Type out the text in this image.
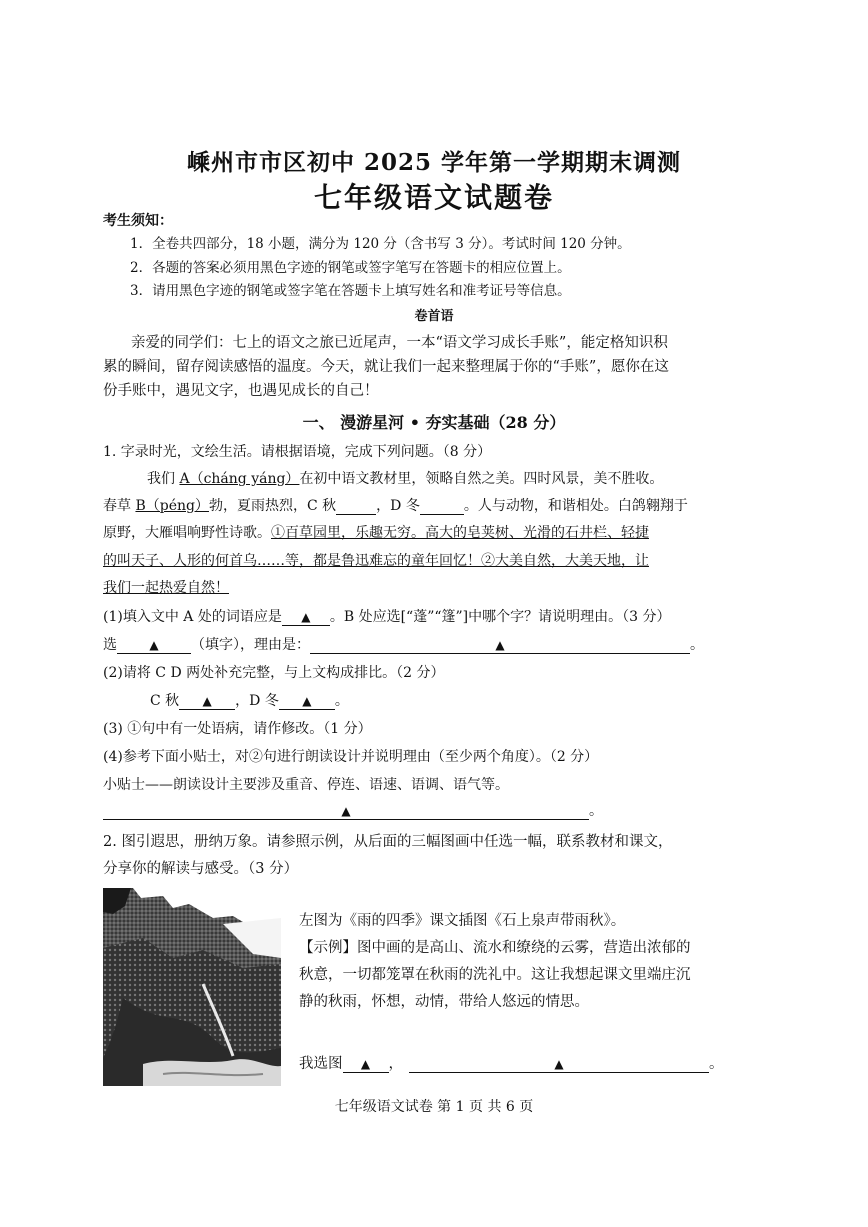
嵊州市市区初中 2025 学年第一学期期末调测
七年级语文试题卷
考生须知：
1．全卷共四部分，18 小题，满分为 120 分（含书写 3 分）。考试时间 120 分钟。
2．各题的答案必须用黑色字迹的钢笔或签字笔写在答题卡的相应位置上。
3．请用黑色字迹的钢笔或签字笔在答题卡上填写姓名和准考证号等信息。
卷首语
亲爱的同学们：七上的语文之旅已近尾声，一本“语文学习成长手账”，能定格知识积
累的瞬间，留存阅读感悟的温度。今天，就让我们一起来整理属于你的“手账”，愿你在这
份手账中，遇见文字，也遇见成长的自己！
一、 漫游星河 • 夯实基础（28 分）
1. 字录时光，文绘生活。请根据语境，完成下列问题。（8 分）
我们 A（cháng yáng）在初中语文教材里，领略自然之美。四时风景，美不胜收。
春草 B（péng）勃，夏雨热烈，C 秋	，D 冬	。人与动物，和谐相处。白鸽翱翔于
原野，大雁唱响野性诗歌。①百草园里，乐趣无穷。高大的皂荚树、光滑的石井栏、轻捷
的叫天子、人形的何首乌……等，都是鲁迅难忘的童年回忆！②大美自然，大美天地，让
我们一起热爱自然！
(1)填入文中 A 处的词语应是 ▲ 。B 处应选[“蓬”“篷”]中哪个字？请说明理由。（3 分）
选	▲ （填字），理由是：	▲	。
(2)请将 C D 两处补充完整，与上文构成排比。（2 分）
C 秋 ▲ ，D 冬 ▲ 。
(3) ①句中有一处语病，请作修改。（1 分）
(4)参考下面小贴士，对②句进行朗读设计并说明理由（至少两个角度）。（2 分）
小贴士——朗读设计主要涉及重音、停连、语速、语调、语气等。
▲	。
2. 图引遐思，册纳万象。请参照示例，从后面的三幅图画中任选一幅，联系教材和课文，
分享你的解读与感受。（3 分）
左图为《雨的四季》课文插图《石上泉声带雨秋》。
【示例】图中画的是高山、流水和缭绕的云雾，营造出浓郁的
秋意，一切都笼罩在秋雨的洗礼中。这让我想起课文里端庄沉
静的秋雨，怀想，动情，带给人悠远的情思。
我选图 ▲ ，	▲	。
七年级语文试卷 第 1 页 共 6 页
